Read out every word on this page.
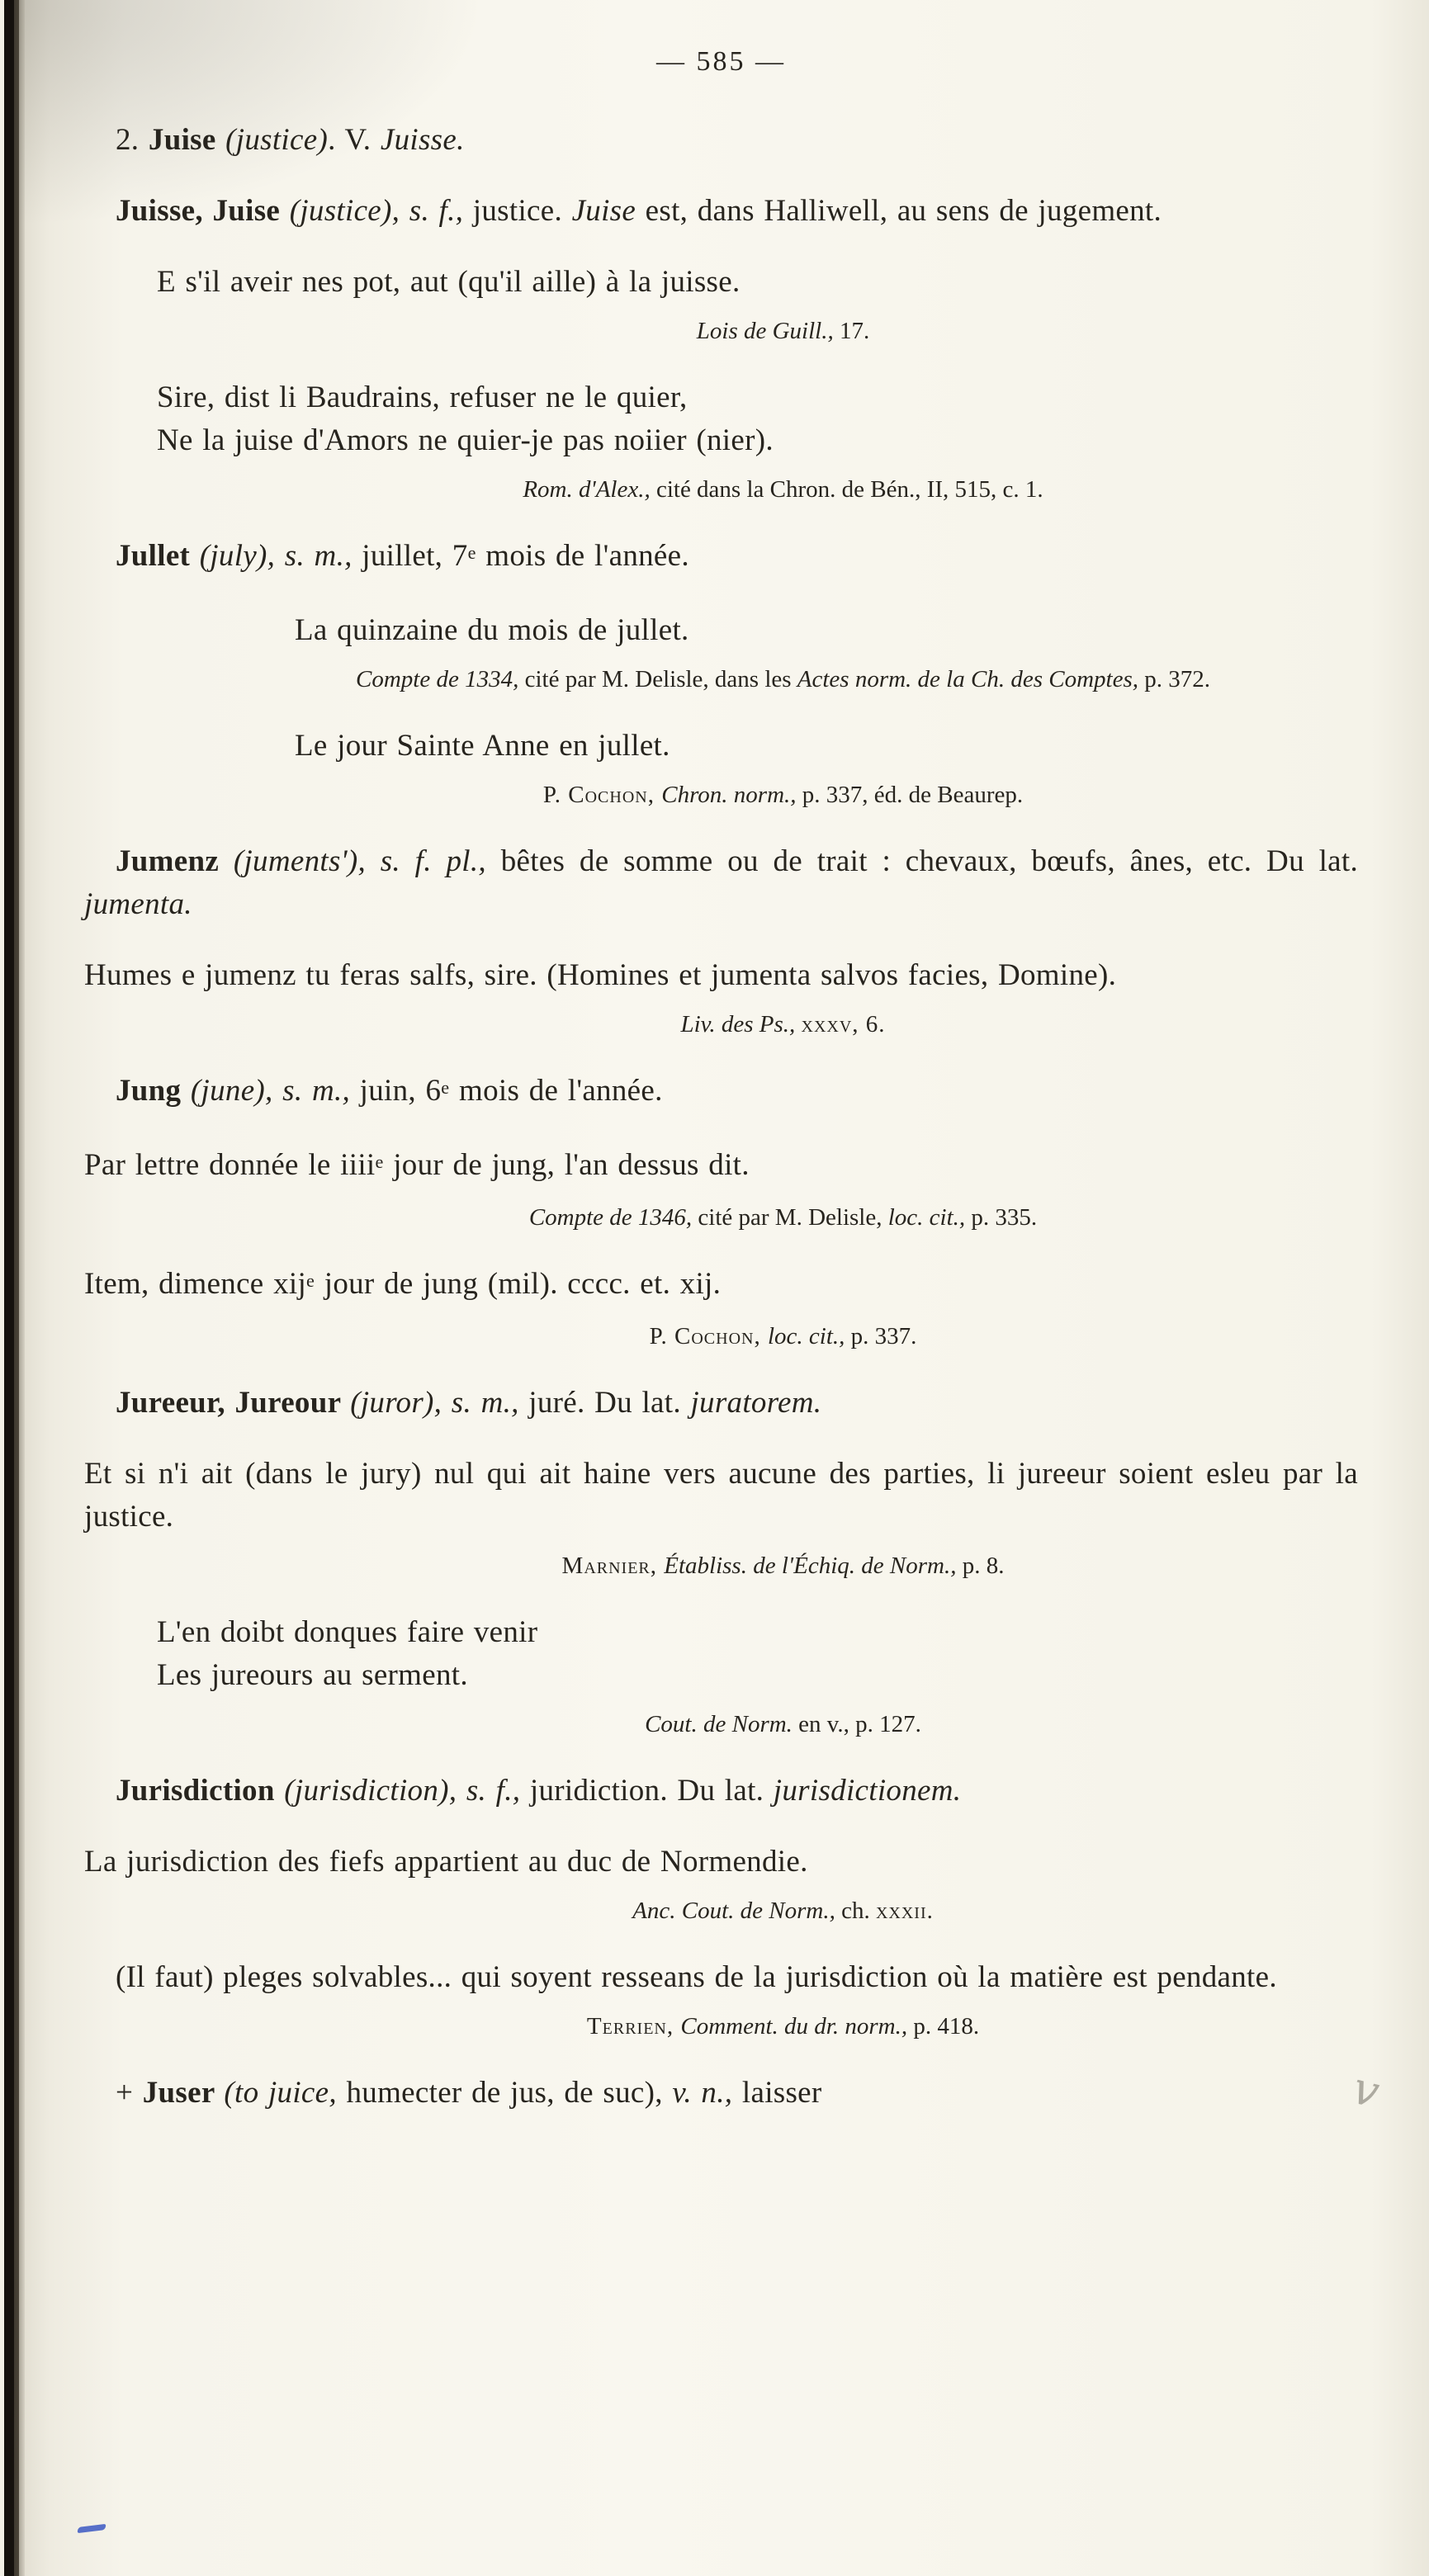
— 585 —

2. Juise (justice). V. Juisse.

Juisse, Juise (justice), s. f., justice. Juise est, dans Halliwell, au sens de jugement.

E s'il aveir nes pot, aut (qu'il aille) à la juisse.

Lois de Guill., 17.

Sire, dist li Baudrains, refuser ne le quier,

Ne la juise d'Amors ne quier-je pas noiier (nier).

Rom. d'Alex., cité dans la Chron. de Bén., II, 515, c. 1.

Jullet (july), s. m., juillet, 7e mois de l'année.

La quinzaine du mois de jullet.

Compte de 1334, cité par M. Delisle, dans les Actes norm. de la Ch. des Comptes, p. 372.

Le jour Sainte Anne en jullet.

P. Cochon, Chron. norm., p. 337, éd. de Beaurep.

Jumenz (juments'), s. f. pl., bêtes de somme ou de trait : chevaux, bœufs, ânes, etc. Du lat. jumenta.

Humes e jumenz tu feras salfs, sire. (Homines et jumenta salvos facies, Domine).

Liv. des Ps., xxxv, 6.

Jung (june), s. m., juin, 6e mois de l'année.

Par lettre donnée le iiii$^e$ jour de jung, l'an dessus dit.

Compte de 1346, cité par M. Delisle, loc. cit., p. 335.

Item, dimence xij$^e$ jour de jung (mil). cccc. et. xij.

P. Cochon, loc. cit., p. 337.

Jureeur, Jureour (juror), s. m., juré. Du lat. juratorem.

Et si n'i ait (dans le jury) nul qui ait haine vers aucune des parties, li jureeur soient esleu par la justice.

Marnier, Établiss. de l'Échiq. de Norm., p. 8.

L'en doibt donques faire venir

Les jureours au serment.

Cout. de Norm. en v., p. 127.

Jurisdiction (jurisdiction), s. f., juridiction. Du lat. jurisdictionem.

La jurisdiction des fiefs appartient au duc de Normendie.

Anc. Cout. de Norm., ch. xxxii.

(Il faut) pleges solvables... qui soyent resseans de la jurisdiction où la matière est pendante.

Terrien, Comment. du dr. norm., p. 418.

v
+ Juser (to juice, humecter de jus, de suc), v. n., laisser
